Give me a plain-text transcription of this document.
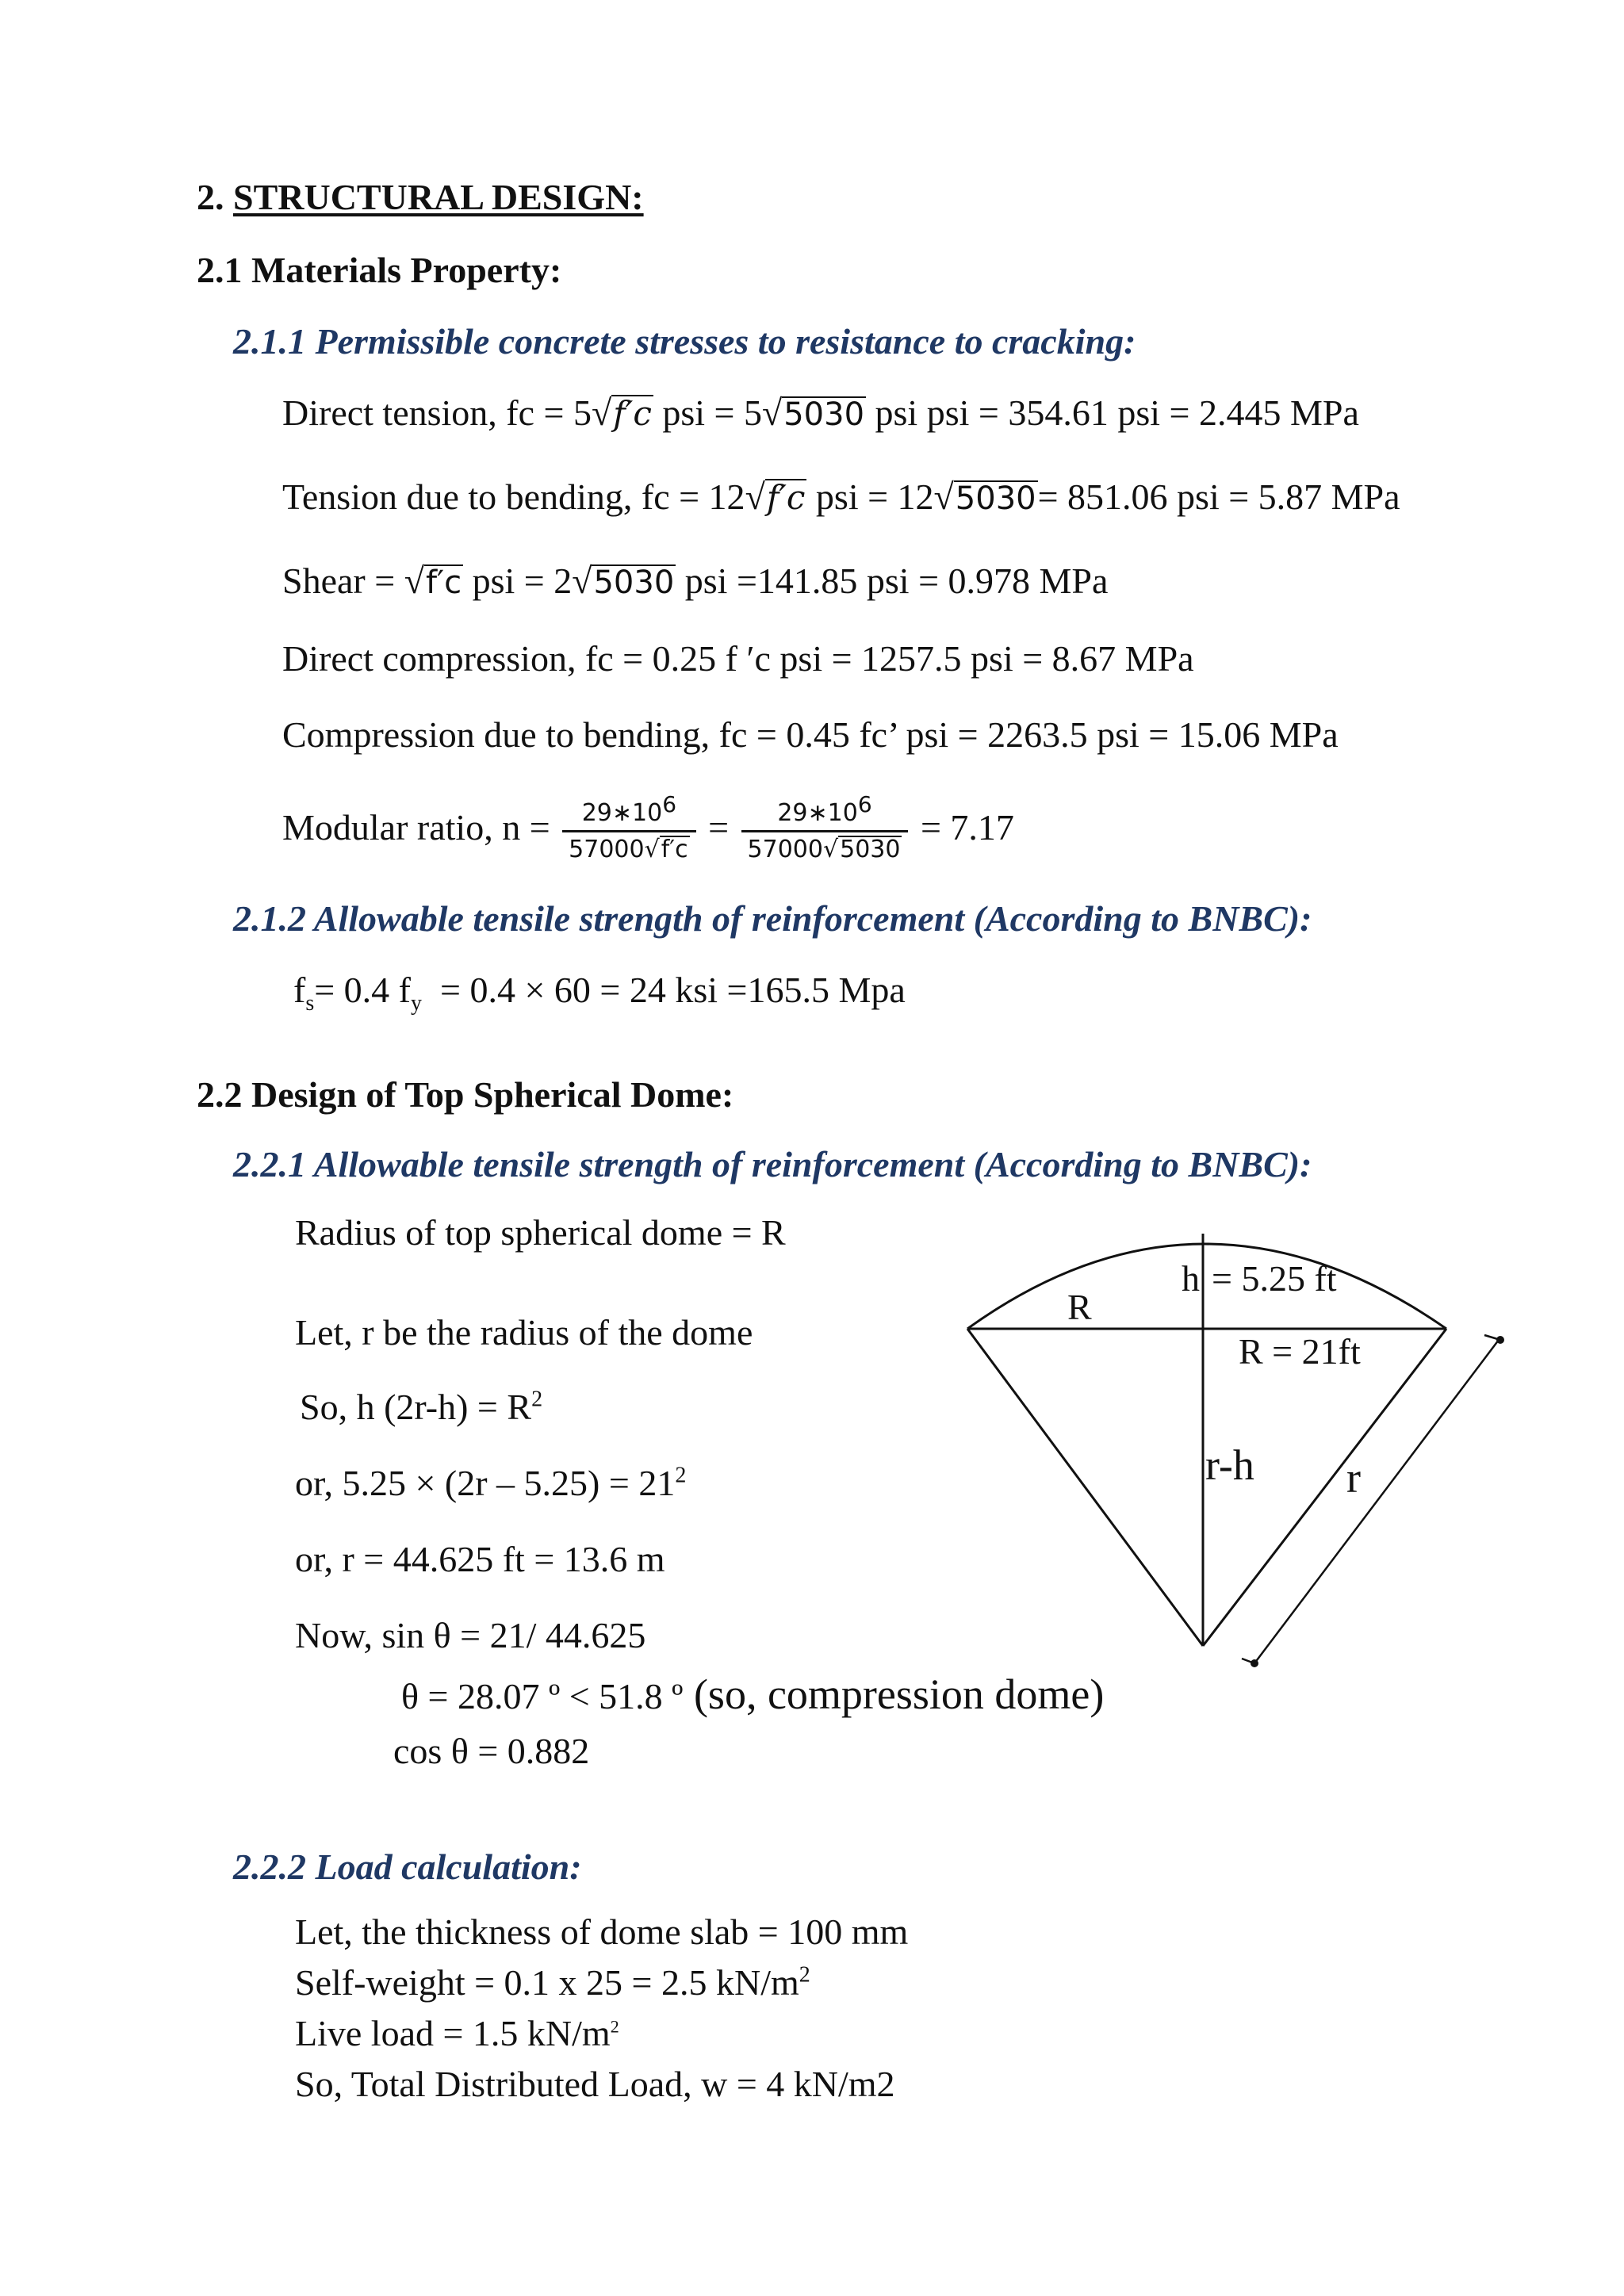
2. STRUCTURAL DESIGN:
2.1 Materials Property:
2.1.1 Permissible concrete stresses to resistance to cracking:
Direct tension, fc = 5√f′c psi = 5√5030 psi psi = 354.61 psi = 2.445 MPa
Tension due to bending, fc = 12√f′c psi = 12√5030= 851.06 psi = 5.87 MPa
Shear = √f′c psi = 2√5030 psi =141.85 psi = 0.978 MPa
Direct compression, fc = 0.25 f ′c psi = 1257.5 psi = 8.67 MPa
Compression due to bending, fc = 0.45 fc’ psi = 2263.5 psi = 15.06 MPa
Modular ratio, $n = \frac{29∗10^6}{57000√f'c} = \frac{29∗10^6}{57000√5030} = 7.17$
2.1.2 Allowable tensile strength of reinforcement (According to BNBC):
$f_s= 0.4$ $f_y = 0.4 \times 60 = 24$ ksi =165.5 Mpa
2.2 Design of Top Spherical Dome:
2.2.1 Allowable tensile strength of reinforcement (According to BNBC):
Radius of top spherical dome = R
Let, r be the radius of the dome
So, h $(2r-h) = R^2$
or, $5.25 \times (2r - 5.25) = 21^2$
or, r = 44.625 ft = 13.6 m
Now, sin θ = 21/ 44.625
θ = 28.07 º < 51.8 º (so, compression dome)
cos θ = 0.882
R
h = 5.25 ft
R = 21ft
r-h r
2.2.2 Load calculation:
Let, the thickness of dome slab = 100 mm
Self-weight = 0.1 x 25 = 2.5 $kN/m^2$
Live load = 1.5 $kN/m^2$
So, Total Distributed Load, w = 4 kN/m2
